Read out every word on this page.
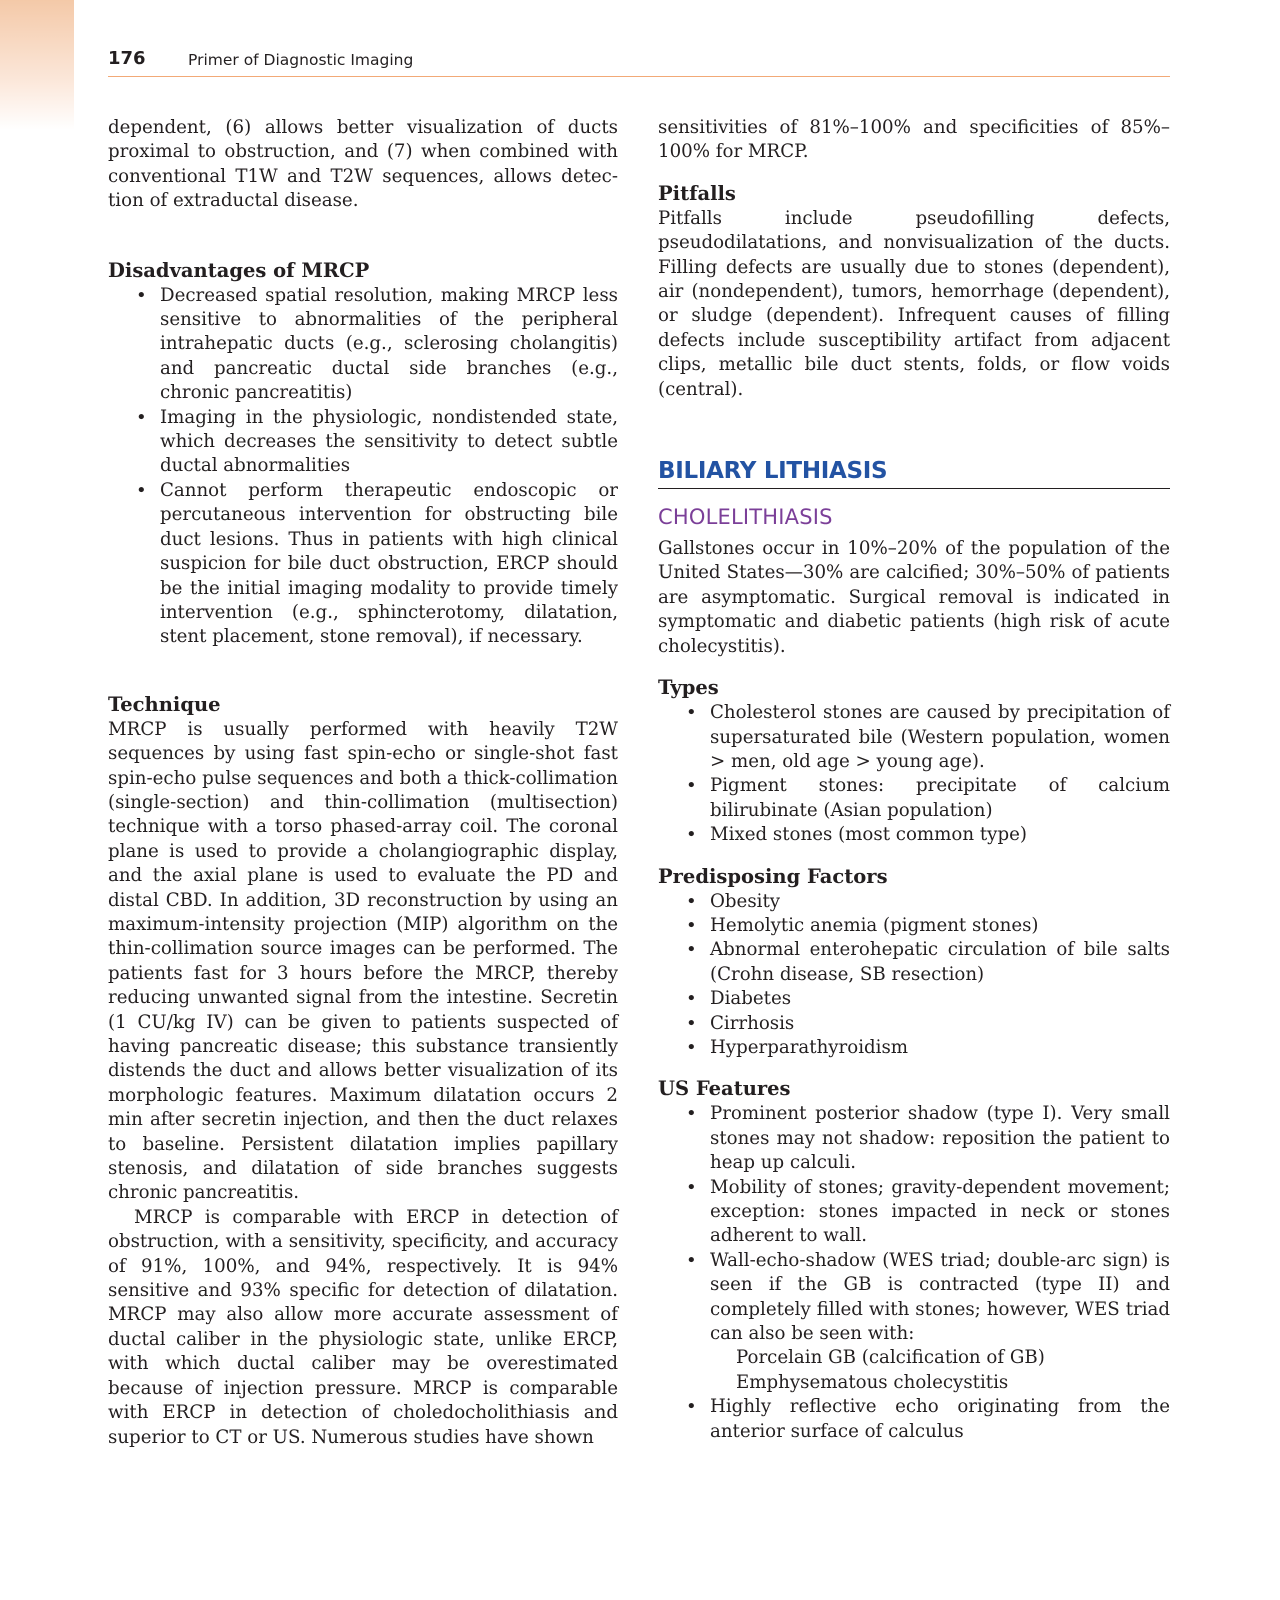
176	Primer of Diagnostic Imaging

dependent, (6) allows better visualization of ducts proximal to obstruction, and (7) when combined with conventional T1W and T2W sequences, allows detection of extraductal disease.

Disadvantages of MRCP
• Decreased spatial resolution, making MRCP less sensitive to abnormalities of the peripheral intrahepatic ducts (e.g., sclerosing cholangitis) and pancreatic ductal side branches (e.g., chronic pancreatitis)
• Imaging in the physiologic, nondistended state, which decreases the sensitivity to detect subtle ductal abnormalities
• Cannot perform therapeutic endoscopic or percutaneous intervention for obstructing bile duct lesions. Thus in patients with high clinical suspicion for bile duct obstruction, ERCP should be the initial imaging modality to provide timely intervention (e.g., sphincterotomy, dilatation, stent placement, stone removal), if necessary.
Technique

MRCP is usually performed with heavily T2W sequences by using fast spin-echo or single-shot fast spin-echo pulse sequences and both a thick-collimation (single-section) and thin-collimation (multisection) technique with a torso phased-array coil. The coronal plane is used to provide a cholangiographic display, and the axial plane is used to evaluate the PD and distal CBD. In addition, 3D reconstruction by using an maximum-intensity projection (MIP) algorithm on the thin-collimation source images can be performed. The patients fast for 3 hours before the MRCP, thereby reducing unwanted signal from the intestine. Secretin (1 CU/kg IV) can be given to patients suspected of having pancreatic disease; this substance transiently distends the duct and allows better visualization of its morphologic features. Maximum dilatation occurs 2 min after secretin injection, and then the duct relaxes to baseline. Persistent dilatation implies papillary stenosis, and dilatation of side branches suggests chronic pancreatitis.

MRCP is comparable with ERCP in detection of obstruction, with a sensitivity, specificity, and accuracy of 91%, 100%, and 94%, respectively. It is 94% sensitive and 93% specific for detection of dilatation. MRCP may also allow more accurate assessment of ductal caliber in the physiologic state, unlike ERCP, with which ductal caliber may be overestimated because of injection pressure. MRCP is comparable with ERCP in detection of choledocholithiasis and superior to CT or US. Numerous studies have shown

sensitivities of 81%–100% and specificities of 85%–100% for MRCP.

Pitfalls

Pitfalls include pseudofilling defects, pseudodilatations, and nonvisualization of the ducts. Filling defects are usually due to stones (dependent), air (nondependent), tumors, hemorrhage (dependent), or sludge (dependent). Infrequent causes of filling defects include susceptibility artifact from adjacent clips, metallic bile duct stents, folds, or flow voids (central).

BILIARY LITHIASIS
CHOLELITHIASIS

Gallstones occur in 10%–20% of the population of the United States—30% are calcified; 30%–50% of patients are asymptomatic. Surgical removal is indicated in symptomatic and diabetic patients (high risk of acute cholecystitis).

Types
• Cholesterol stones are caused by precipitation of supersaturated bile (Western population, women > men, old age > young age).
• Pigment stones: precipitate of calcium bilirubinate (Asian population)
• Mixed stones (most common type)
Predisposing Factors
• Obesity
• Hemolytic anemia (pigment stones)
• Abnormal enterohepatic circulation of bile salts (Crohn disease, SB resection)
• Diabetes
• Cirrhosis
• Hyperparathyroidism
US Features
• Prominent posterior shadow (type I). Very small stones may not shadow: reposition the patient to heap up calculi.
• Mobility of stones; gravity-dependent movement; exception: stones impacted in neck or stones adherent to wall.
• Wall-echo-shadow (WES triad; double-arc sign) is seen if the GB is contracted (type II) and completely filled with stones; however, WES triad can also be seen with:
Porcelain GB (calcification of GB)
Emphysematous cholecystitis
• Highly reflective echo originating from the anterior surface of calculus
